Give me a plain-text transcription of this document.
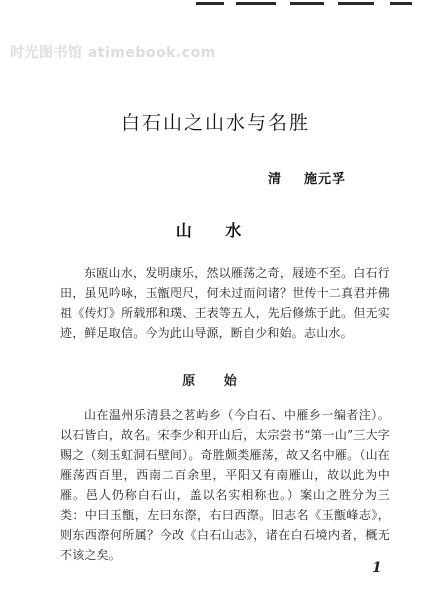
时光图书馆 atimebook.com
白石山之山水与名胜
清 施元孚
山 水

东瓯山水，发明康乐，然以雁荡之奇，屐迹不至。白石行田，虽见吟咏，玉甑咫尺，何未过而问诸？世传十二真君并佛祖《传灯》所载邢和璞、王表等五人，先后修炼于此。但无实迹，鲜足取信。今为此山导源，断自少和始。志山水。

原 始

山在温州乐清县之茗屿乡（今白石、中雁乡一编者注）。以石皆白，故名。宋李少和开山后，太宗尝书“第一山”三大字赐之（刻玉虹洞石壁间）。奇胜颇类雁荡，故又名中雁。（山在雁荡西百里，西南二百余里，平阳又有南雁山，故以此为中雁。邑人仍称白石山，盖以名实相称也。）案山之胜分为三类：中曰玉甑，左曰东漈，右曰西漈。旧志名《玉甑峰志》，则东西漈何所属？今改《白石山志》，诸在白石境内者，概无不该之矣。

1
